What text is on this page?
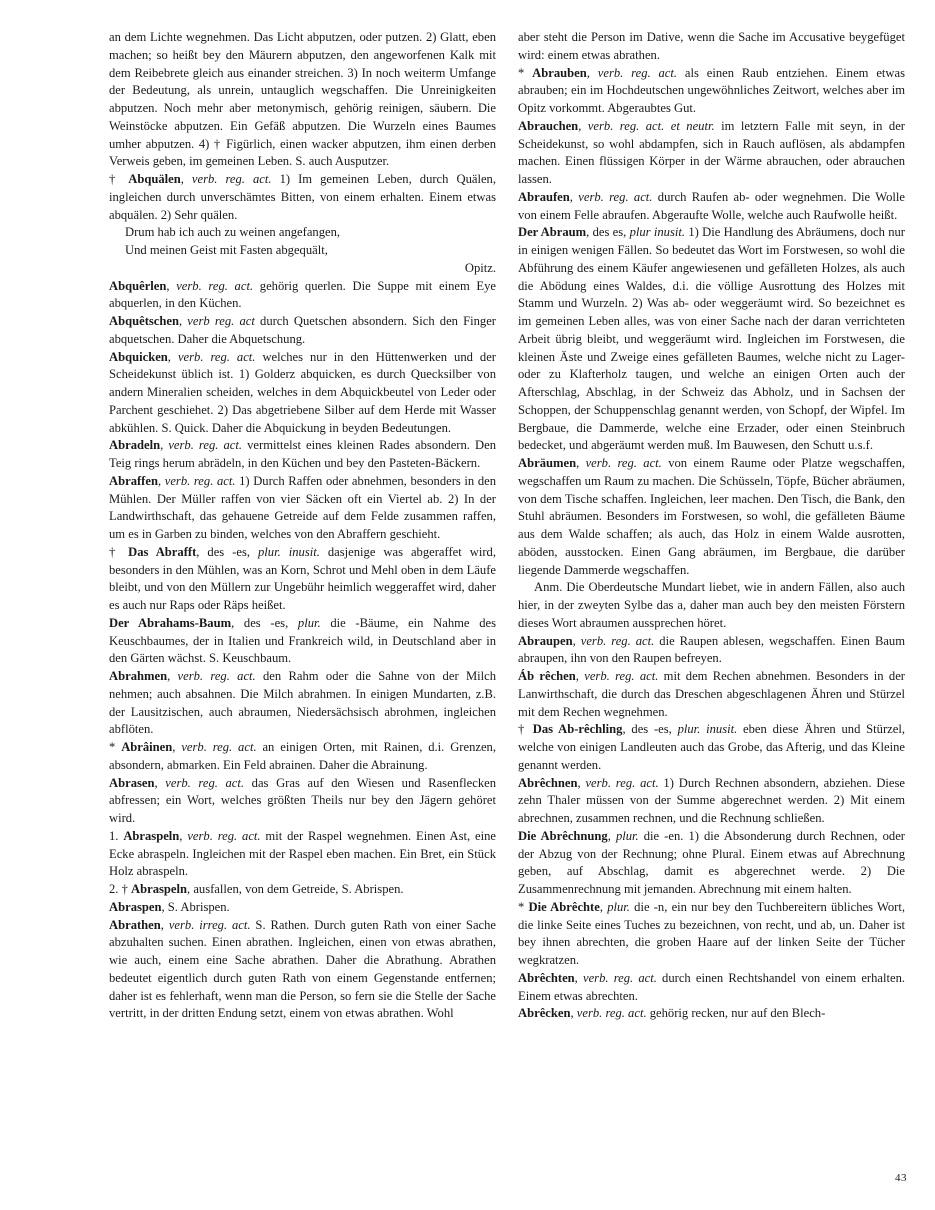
an dem Lichte wegnehmen. Das Licht abputzen, oder putzen. 2) Glatt, eben machen; so heißt bey den Mäurern abputzen, den angeworfenen Kalk mit dem Reibebrete gleich aus einander streichen. 3) In noch weiterm Umfange der Bedeutung, als unrein, untauglich wegschaffen. Die Unreinigkeiten abputzen. Noch mehr aber metonymisch, gehörig reinigen, säubern. Die Weinstöcke abputzen. Ein Gefäß abputzen. Die Wurzeln eines Baumes umher abputzen. 4) † Figürlich, einen wacker abputzen, ihm einen derben Verweis geben, im gemeinen Leben. S. auch Ausputzer.

† Abquälen, verb. reg. act. 1) Im gemeinen Leben, durch Quälen, ingleichen durch unverschämtes Bitten, von einem erhalten. Einem etwas abquälen. 2) Sehr quälen.

Drum hab ich auch zu weinen angefangen,

Und meinen Geist mit Fasten abgequält,

Opitz.

Abquêrlen, verb. reg. act. gehörig querlen. Die Suppe mit einem Eye abquerlen, in den Küchen.

Abquêtschen, verb reg. act durch Quetschen absondern. Sich den Finger abquetschen. Daher die Abquetschung.

Abquicken, verb. reg. act. welches nur in den Hüttenwerken und der Scheidekunst üblich ist. 1) Golderz abquicken, es durch Quecksilber von andern Mineralien scheiden, welches in dem Abquickbeutel von Leder oder Parchent geschiehet. 2) Das abgetriebene Silber auf dem Herde mit Wasser abkühlen. S. Quick. Daher die Abquickung in beyden Bedeutungen.

Abradeln, verb. reg. act. vermittelst eines kleinen Rades absondern. Den Teig rings herum abrädeln, in den Küchen und bey den Pasteten-Bäckern.

Abraffen, verb. reg. act. 1) Durch Raffen oder abnehmen, besonders in den Mühlen. Der Müller raffen von vier Säcken oft ein Viertel ab. 2) In der Landwirthschaft, das gehauene Getreide auf dem Felde zusammen raffen, um es in Garben zu binden, welches von den Abraffern geschieht.

† Das Abrafft, des -es, plur. inusit. dasjenige was abgeraffet wird, besonders in den Mühlen, was an Korn, Schrot und Mehl oben in dem Läufe bleibt, und von den Müllern zur Ungebühr heimlich weggeraffet wird, daher es auch nur Raps oder Räps heißet.

Der Abrahams-Baum, des -es, plur. die -Bäume, ein Nahme des Keuschbaumes, der in Italien und Frankreich wild, in Deutschland aber in den Gärten wächst. S. Keuschbaum.

Abrahmen, verb. reg. act. den Rahm oder die Sahne von der Milch nehmen; auch absahnen. Die Milch abrahmen. In einigen Mundarten, z.B. der Lausitzischen, auch abraumen, Niedersächsisch abrohmen, ingleichen abflöten.

* Abrâinen, verb. reg. act. an einigen Orten, mit Rainen, d.i. Grenzen, absondern, abmarken. Ein Feld abrainen. Daher die Abrainung.

Abrasen, verb. reg. act. das Gras auf den Wiesen und Rasenflecken abfressen; ein Wort, welches größten Theils nur bey den Jägern gehöret wird.

1. Abraspeln, verb. reg. act. mit der Raspel wegnehmen. Einen Ast, eine Ecke abraspeln. Ingleichen mit der Raspel eben machen. Ein Bret, ein Stück Holz abraspeln.

2. † Abraspeln, ausfallen, von dem Getreide, S. Abrispen.

Abraspen, S. Abrispen.

Abrathen, verb. irreg. act. S. Rathen. Durch guten Rath von einer Sache abzuhalten suchen. Einen abrathen. Ingleichen, einen von etwas abrathen, wie auch, einem eine Sache abrathen. Daher die Abrathung. Abrathen bedeutet eigentlich durch guten Rath von einem Gegenstande entfernen; daher ist es fehlerhaft, wenn man die Person, so fern sie die Stelle der Sache vertritt, in der dritten Endung setzt, einem von etwas abrathen. Wohl

aber steht die Person im Dative, wenn die Sache im Accusative beygefüget wird: einem etwas abrathen.

* Abrauben, verb. reg. act. als einen Raub entziehen. Einem etwas abrauben; ein im Hochdeutschen ungewöhnliches Zeitwort, welches aber im Opitz vorkommt. Abgeraubtes Gut.

Abrauchen, verb. reg. act. et neutr. im letztern Falle mit seyn, in der Scheidekunst, so wohl abdampfen, sich in Rauch auflösen, als abdampfen machen. Einen flüssigen Körper in der Wärme abrauchen, oder abrauchen lassen.

Abraufen, verb. reg. act. durch Raufen ab- oder wegnehmen. Die Wolle von einem Felle abraufen. Abgeraufte Wolle, welche auch Raufwolle heißt.

Der Abraum, des es, plur inusit. 1) Die Handlung des Abräumens, doch nur in einigen wenigen Fällen. So bedeutet das Wort im Forstwesen, so wohl die Abführung des einem Käufer angewiesenen und gefälleten Holzes, als auch die Abödung eines Waldes, d.i. die völlige Ausrottung des Holzes mit Stamm und Wurzeln. 2) Was ab- oder weggeräumt wird. So bezeichnet es im gemeinen Leben alles, was von einer Sache nach der daran verrichteten Arbeit übrig bleibt, und weggeräumt wird. Ingleichen im Forstwesen, die kleinen Äste und Zweige eines gefälleten Baumes, welche nicht zu Lager- oder zu Klafterholz taugen, und welche an einigen Orten auch der Afterschlag, Abschlag, in der Schweiz das Abholz, und in Sachsen der Schoppen, der Schuppenschlag genannt werden, von Schopf, der Wipfel. Im Bergbaue, die Dammerde, welche eine Erzader, oder einen Steinbruch bedecket, und abgeräumt werden muß. Im Bauwesen, den Schutt u.s.f.

Abräumen, verb. reg. act. von einem Raume oder Platze wegschaffen, wegschaffen um Raum zu machen. Die Schüsseln, Töpfe, Bücher abräumen, von dem Tische schaffen. Ingleichen, leer machen. Den Tisch, die Bank, den Stuhl abräumen. Besonders im Forstwesen, so wohl, die gefälleten Bäume aus dem Walde schaffen; als auch, das Holz in einem Walde ausrotten, aböden, ausstocken. Einen Gang abräumen, im Bergbaue, die darüber liegende Dammerde wegschaffen.

Anm. Die Oberdeutsche Mundart liebet, wie in andern Fällen, also auch hier, in der zweyten Sylbe das a, daher man auch bey den meisten Förstern dieses Wort abraumen aussprechen höret.

Abraupen, verb. reg. act. die Raupen ablesen, wegschaffen. Einen Baum abraupen, ihn von den Raupen befreyen.

Áb rêchen, verb. reg. act. mit dem Rechen abnehmen. Besonders in der Lanwirthschaft, die durch das Dreschen abgeschlagenen Ähren und Stürzel mit dem Rechen wegnehmen.

† Das Ab-rêchling, des -es, plur. inusit. eben diese Ähren und Stürzel, welche von einigen Landleuten auch das Grobe, das Afterig, und das Kleine genannt werden.

Abrêchnen, verb. reg. act. 1) Durch Rechnen absondern, abziehen. Diese zehn Thaler müssen von der Summe abgerechnet werden. 2) Mit einem abrechnen, zusammen rechnen, und die Rechnung schließen.

Die Abrêchnung, plur. die -en. 1) die Absonderung durch Rechnen, oder der Abzug von der Rechnung; ohne Plural. Einem etwas auf Abrechnung geben, auf Abschlag, damit es abgerechnet werde. 2) Die Zusammenrechnung mit jemanden. Abrechnung mit einem halten.

* Die Abrêchte, plur. die -n, ein nur bey den Tuchbereitern übliches Wort, die linke Seite eines Tuches zu bezeichnen, von recht, und ab, un. Daher ist bey ihnen abrechten, die groben Haare auf der linken Seite der Tücher wegkratzen.

Abrêchten, verb. reg. act. durch einen Rechtshandel von einem erhalten. Einem etwas abrechten.

Abrêcken, verb. reg. act. gehörig recken, nur auf den Blech-

43
